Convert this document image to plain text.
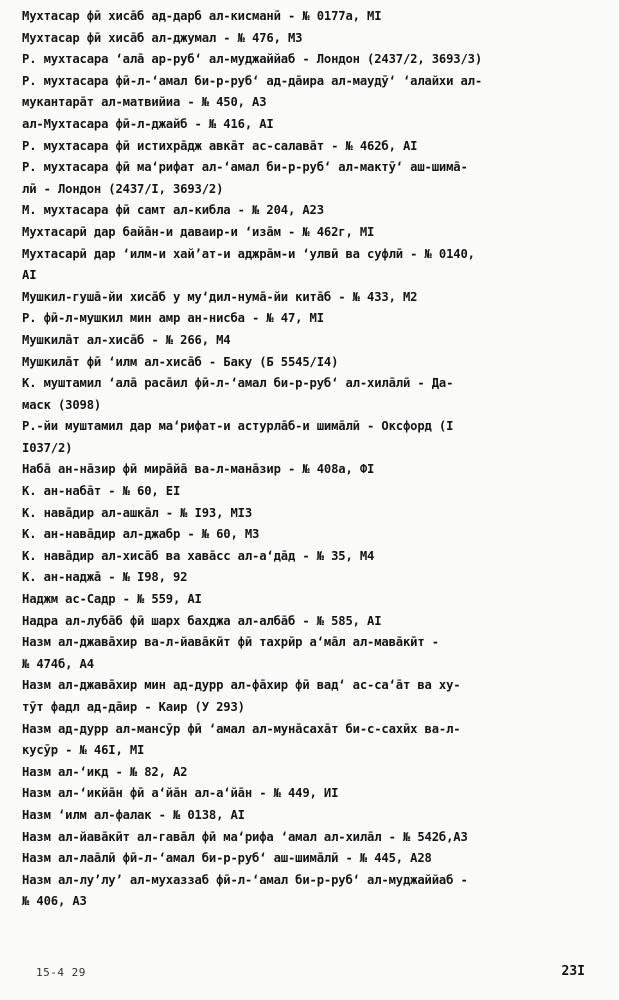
Мухтасар фӣ хисāб ад-дарб ал-кисманӣ - № 0177а, МI
Мухтасар фӣ хисāб ал-джумал - № 476, МЗ
Р. мухтасара ʻалā ар-рубʻ ал-муджаййаб - Лондон (2437/2, 3693/3)
Р. мухтасара фӣ-л-ʻамал би-р-рубʻ ад-дāира ал-маудӯʻ ʻалайхи ал-
мукантарāт ал-матвийиа - № 450, АЗ
ал-Мухтасара фӣ-л-джайб - № 416, АI
Р. мухтасара фӣ истихрāдж авкāт ас-салавāт - № 462б, АI
Р. мухтасара фӣ маʻрифат ал-ʻамал би-р-рубʻ ал-мактӯʻ аш-шимā-
лӣ - Лондон (2437/I, 3693/2)
М. мухтасара фӣ самт ал-кибла - № 204, А23
Мухтасарӣ дар байāн-и даваир-и ʻизāм - № 462г, МI
Мухтасарӣ дар ʻилм-и хайʼат-и аджрāм-и ʻулвӣ ва суфлӣ - № 0140,
АI
Мушкил-гушā-йи хисāб у муʻдил-нумā-йи китāб - № 433, М2
Р. фӣ-л-мушкил мин амр ан-нисба - № 47, МI
Мушкилāт ал-хисāб - № 266, М4
Мушкилāт фӣ ʻилм ал-хисāб - Баку (Б 5545/I4)
К. муштамил ʻалā расāил фӣ-л-ʻамал би-р-рубʻ ал-хилāлӣ - Да-
маск (3098)
Р.-йи муштамил дар маʻрифат-и астурлāб-и шимāлӣ - Оксфорд (I
I037/2)
Набā ан-нāзир фӣ мирāйā ва-л-манāзир - № 408а, ФI
К. ан-набāт - № 60, ЕI
К. навāдир ал-ашкāл - № I93, МI3
К. ан-навāдир ал-джабр - № 60, МЗ
К. навāдир ал-хисāб ва хавāсс ал-аʻдāд - № 35, М4
К. ан-наджā - № I98, 92
Наджм ас-Садр - № 559, АI
Надра ал-лубāб фӣ шарх бахджа ал-албāб - № 585, АI
Назм ал-джавāхир ва-л-йавāкӣт фӣ тахрӣр аʻмāл ал-мавāкӣт -
№ 474б, А4
Назм ал-джавāхир мин ад-дурр ал-фāхир фӣ вадʻ ас-саʻāт ва ху-
тӯт фадл ад-дāир - Каир (У 293)
Назм ад-дурр ал-мансӯр фӣ ʻамал ал-мунāсахāт би-с-сахӣх ва-л-
кусӯр - № 46I, МI
Назм ал-ʻикд - № 82, А2
Назм ал-ʻикйāн фӣ аʻйāн ал-аʻйāн - № 449, ИI
Назм ʻилм ал-фалак - № 0138, АI
Назм ал-йавāкӣт ал-гавāл фӣ маʻрифа ʻамал ал-хилāл - № 542б,АЗ
Назм ал-лаāлӣ фӣ-л-ʻамал би-р-рубʻ аш-шимāлӣ - № 445, А28
Назм ал-луʼлуʼ ал-мухаззаб фӣ-л-ʻамал би-р-рубʻ ал-муджаййаб -
№ 406, АЗ
15-4 29	23I
